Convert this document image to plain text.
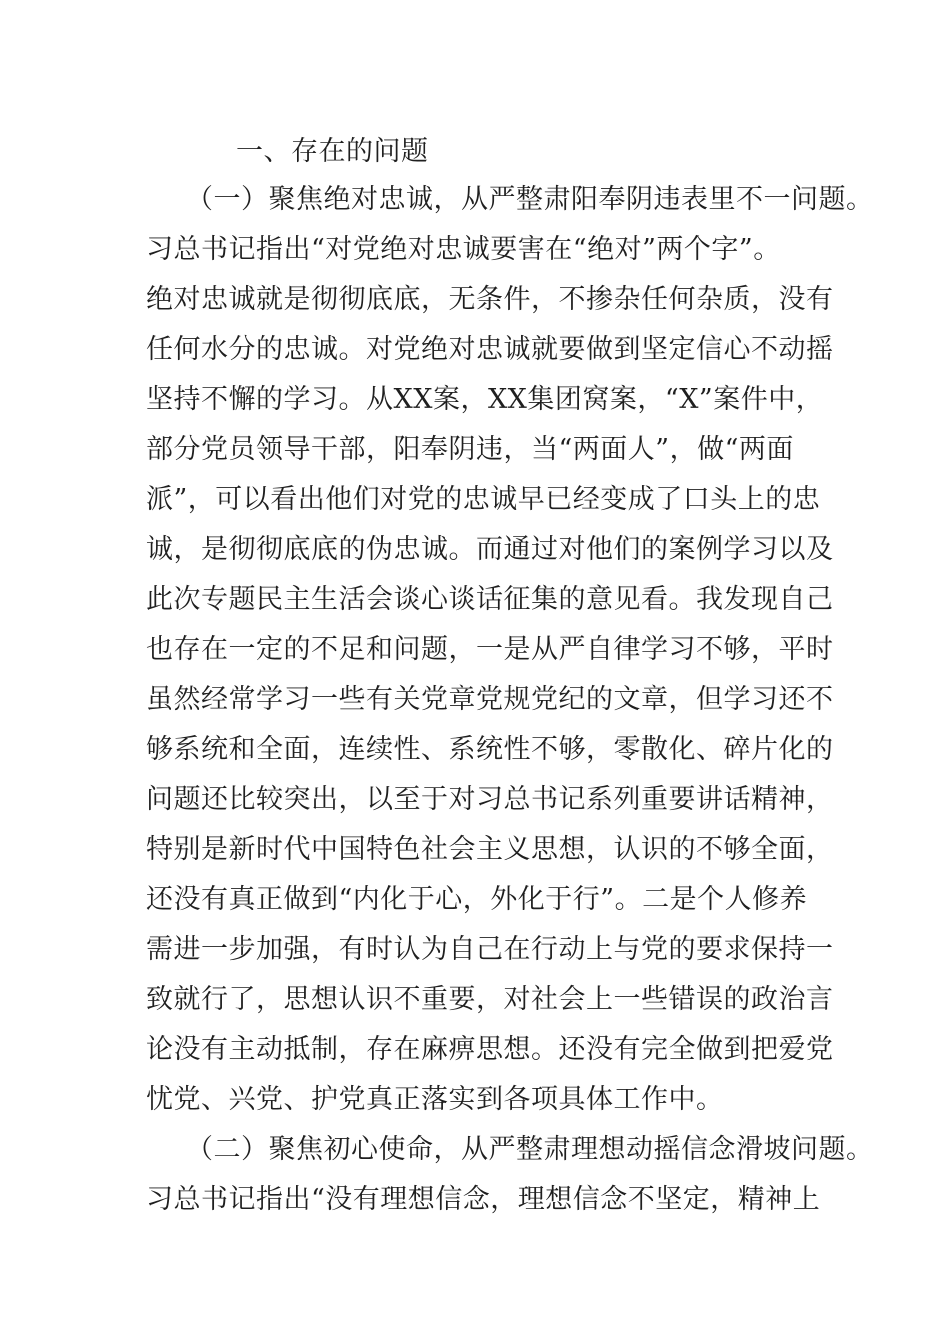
一、存在的问题
（一）聚焦绝对忠诚，从严整肃阳奉阴违表里不一问题。
习总书记指出“对党绝对忠诚要害在“绝对”两个字”。
绝对忠诚就是彻彻底底，无条件，不掺杂任何杂质，没有
任何水分的忠诚。对党绝对忠诚就要做到坚定信心不动摇
坚持不懈的学习。从XX案，XX集团窝案，“X”案件中，
部分党员领导干部，阳奉阴违，当“两面人”，做“两面
派”，可以看出他们对党的忠诚早已经变成了口头上的忠
诚，是彻彻底底的伪忠诚。而通过对他们的案例学习以及
此次专题民主生活会谈心谈话征集的意见看。我发现自己
也存在一定的不足和问题，一是从严自律学习不够，平时
虽然经常学习一些有关党章党规党纪的文章，但学习还不
够系统和全面，连续性、系统性不够，零散化、碎片化的
问题还比较突出，以至于对习总书记系列重要讲话精神，
特别是新时代中国特色社会主义思想，认识的不够全面，
还没有真正做到“内化于心，外化于行”。二是个人修养
需进一步加强，有时认为自己在行动上与党的要求保持一
致就行了，思想认识不重要，对社会上一些错误的政治言
论没有主动抵制，存在麻痹思想。还没有完全做到把爱党
忧党、兴党、护党真正落实到各项具体工作中。
（二）聚焦初心使命，从严整肃理想动摇信念滑坡问题。
习总书记指出“没有理想信念，理想信念不坚定，精神上
